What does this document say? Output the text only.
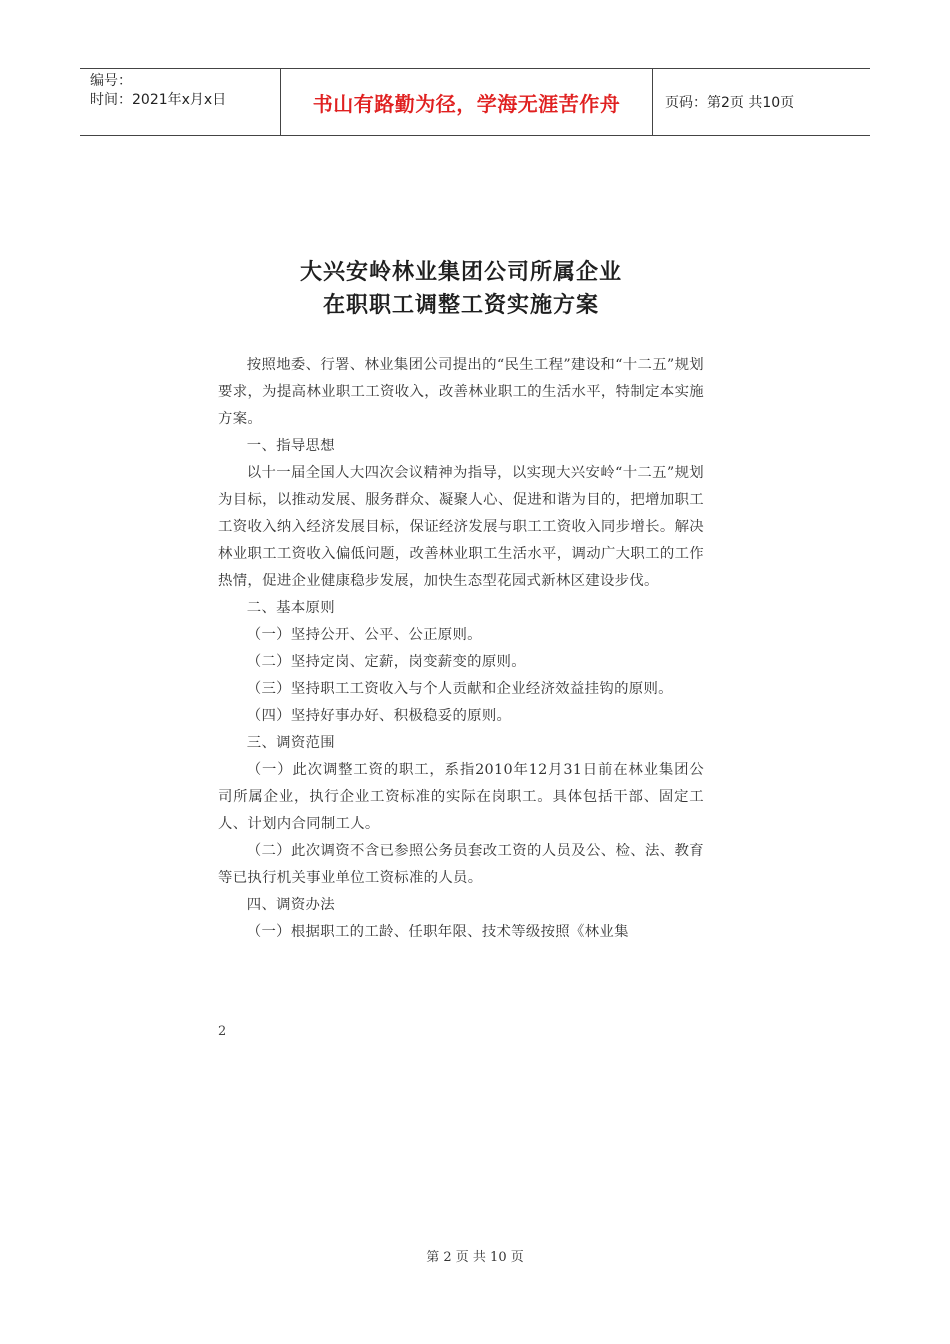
编号：
时间：2021年x月x日	书山有路勤为径，学海无涯苦作舟	页码：第2页 共10页
大兴安岭林业集团公司所属企业
在职职工调整工资实施方案

按照地委、行署、林业集团公司提出的“民生工程”建设和“十二五”规划要求，为提高林业职工工资收入，改善林业职工的生活水平，特制定本实施方案。

一、指导思想

以十一届全国人大四次会议精神为指导，以实现大兴安岭“十二五”规划为目标，以推动发展、服务群众、凝聚人心、促进和谐为目的，把增加职工工资收入纳入经济发展目标，保证经济发展与职工工资收入同步增长。解决林业职工工资收入偏低问题，改善林业职工生活水平，调动广大职工的工作热情，促进企业健康稳步发展，加快生态型花园式新林区建设步伐。

二、基本原则

（一）坚持公开、公平、公正原则。

（二）坚持定岗、定薪，岗变薪变的原则。

（三）坚持职工工资收入与个人贡献和企业经济效益挂钩的原则。

（四）坚持好事办好、积极稳妥的原则。

三、调资范围

（一）此次调整工资的职工，系指2010年12月31日前在林业集团公司所属企业，执行企业工资标准的实际在岗职工。具体包括干部、固定工人、计划内合同制工人。

（二）此次调资不含已参照公务员套改工资的人员及公、检、法、教育等已执行机关事业单位工资标准的人员。

四、调资办法

（一）根据职工的工龄、任职年限、技术等级按照《林业集

2
第 2 页 共 10 页
